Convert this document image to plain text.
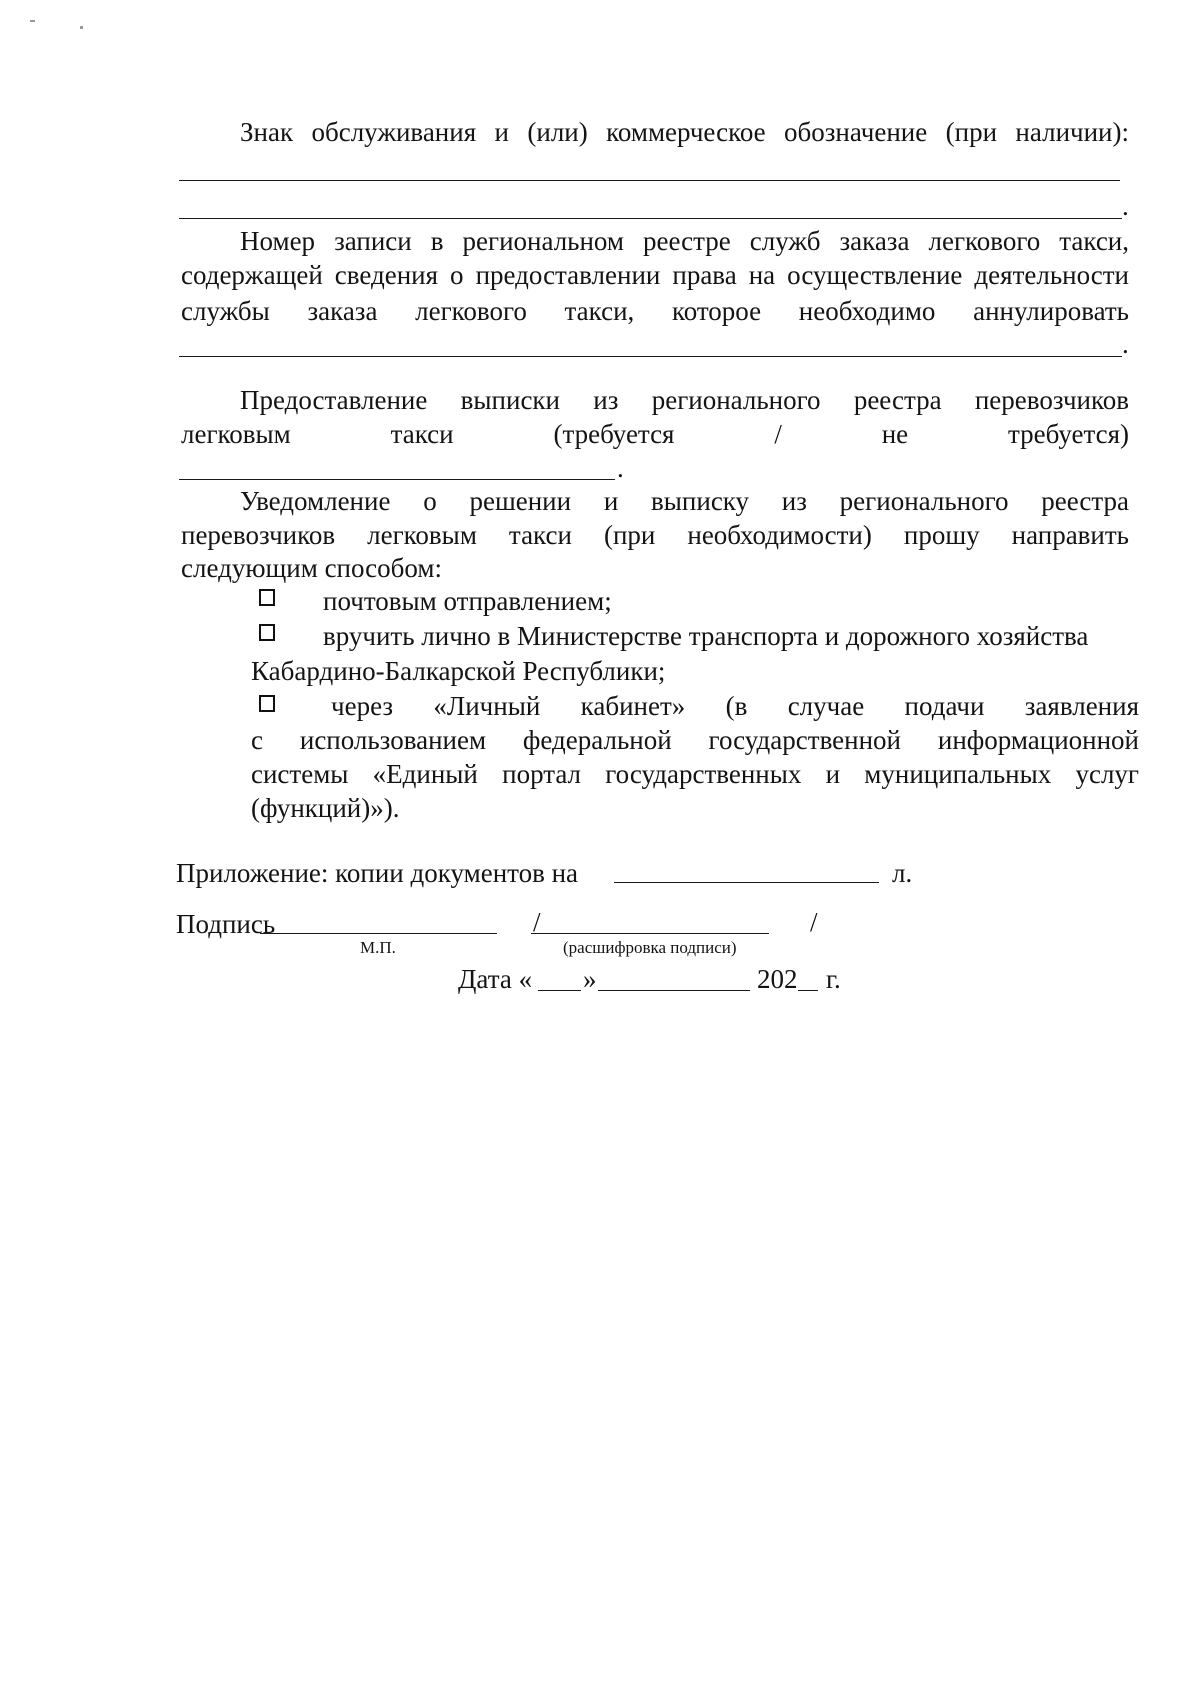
Знак обслуживания и (или) коммерческое обозначение (при наличии):
.
Номер записи в региональном реестре служб заказа легкового такси,
содержащей сведения о предоставлении права на осуществление деятельности
службы заказа легкового такси, которое необходимо аннулировать
.
Предоставление выписки из регионального реестра перевозчиков
легковым такси (требуется / не требуется)
.
Уведомление о решении и выписку из регионального реестра
перевозчиков легковым такси (при необходимости) прошу направить
следующим способом:
почтовым отправлением;
вручить лично в Министерстве транспорта и дорожного хозяйства
Кабардино-Балкарской Республики;
через «Личный кабинет» (в случае подачи заявления
с использованием федеральной государственной информационной
системы «Единый портал государственных и муниципальных услуг
(функций)»).
Приложение: копии документов на	л.
Подпись	/	/
М.П.	(расшифровка подписи)
Дата « »	202 г.
